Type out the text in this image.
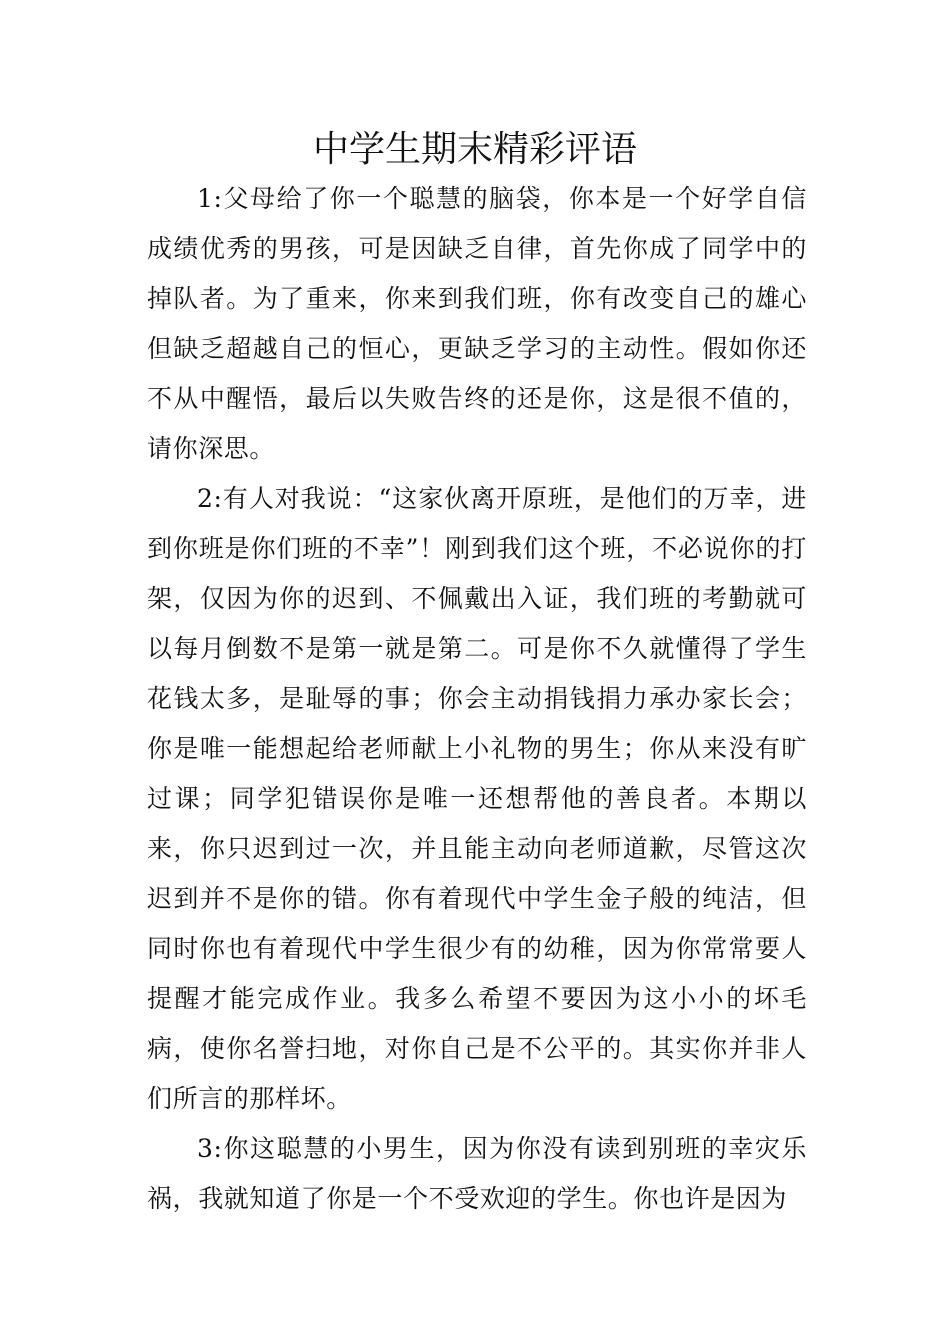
中学生期末精彩评语

1:父母给了你一个聪慧的脑袋，你本是一个好学自信成绩优秀的男孩，可是因缺乏自律，首先你成了同学中的掉队者。为了重来，你来到我们班，你有改变自己的雄心但缺乏超越自己的恒心，更缺乏学习的主动性。假如你还不从中醒悟，最后以失败告终的还是你，这是很不值的，请你深思。

2:有人对我说：“这家伙离开原班，是他们的万幸，进到你班是你们班的不幸”！刚到我们这个班，不必说你的打架，仅因为你的迟到、不佩戴出入证，我们班的考勤就可以每月倒数不是第一就是第二。可是你不久就懂得了学生花钱太多，是耻辱的事；你会主动捐钱捐力承办家长会；你是唯一能想起给老师献上小礼物的男生；你从来没有旷过课；同学犯错误你是唯一还想帮他的善良者。本期以来，你只迟到过一次，并且能主动向老师道歉，尽管这次迟到并不是你的错。你有着现代中学生金子般的纯洁，但同时你也有着现代中学生很少有的幼稚，因为你常常要人提醒才能完成作业。我多么希望不要因为这小小的坏毛病，使你名誉扫地，对你自己是不公平的。其实你并非人们所言的那样坏。

3:你这聪慧的小男生，因为你没有读到别班的幸灾乐祸，我就知道了你是一个不受欢迎的学生。你也许是因为
